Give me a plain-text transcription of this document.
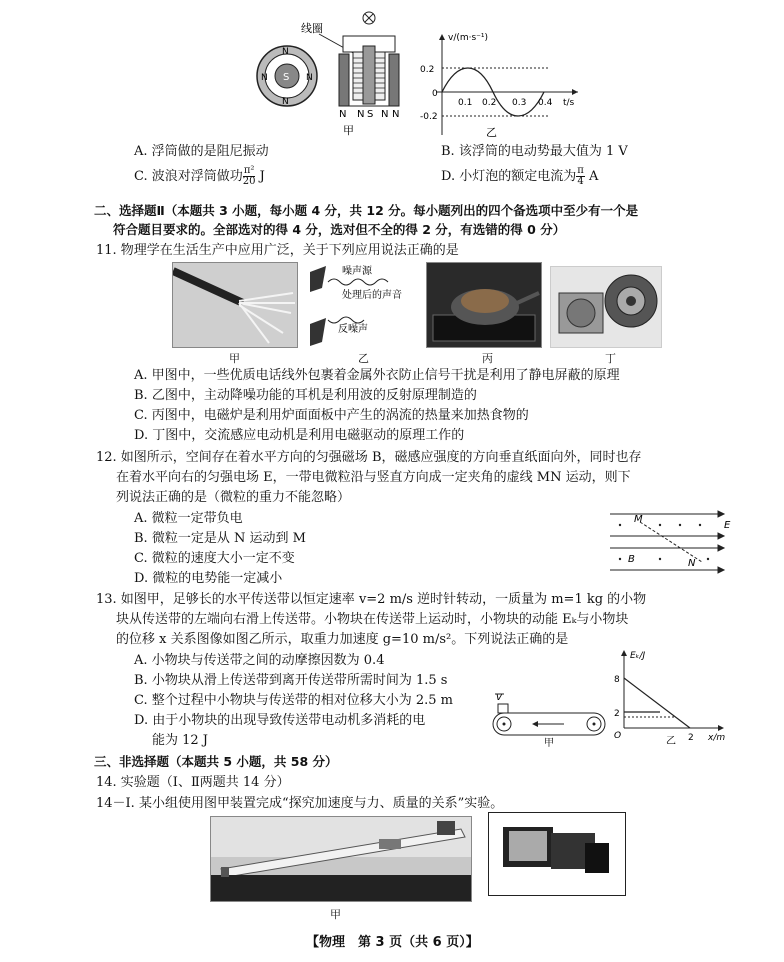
S
N
N
N	N
线圈
N N S N N
甲
v/(m·s⁻¹)
t/s
0.2
-0.2
0
0.1 0.2 0.3 0.4
乙
A. 浮筒做的是阻尼振动	B. 该浮筒的电动势最大值为 1 V
C. 波浪对浮筒做功 $\frac{\text{π²}}{20}$ J	D. 小灯泡的额定电流为 $\frac{\pi}{4}$ A
二、选择题Ⅱ（本题共 3 小题，每小题 4 分，共 12 分。每小题列出的四个备选项中至少有一个是
符合题目要求的。全部选对的得 4 分，选对但不全的得 2 分，有选错的得 0 分）
11. 物理学在生活生产中应用广泛，关于下列应用说法正确的是
甲
噪声源
处理后的声音
反噪声
乙	丙	丁
A. 甲图中，一些优质电话线外包裹着金属外衣防止信号干扰是利用了静电屏蔽的原理
B. 乙图中，主动降噪功能的耳机是利用波的反射原理制造的
C. 丙图中，电磁炉是利用炉面面板中产生的涡流的热量来加热食物的
D. 丁图中，交流感应电动机是利用电磁驱动的原理工作的
12. 如图所示，空间存在着水平方向的匀强磁场 B，磁感应强度的方向垂直纸面向外，同时也存
在着水平向右的匀强电场 E，一带电微粒沿与竖直方向成一定夹角的虚线 MN 运动，则下
列说法正确的是（微粒的重力不能忽略）
A. 微粒一定带负电
B. 微粒一定是从 N 运动到 M
C. 微粒的速度大小一定不变
D. 微粒的电势能一定减小
M
N
B
E
13. 如图甲，足够长的水平传送带以恒定速率 v=2 m/s 逆时针转动，一质量为 m=1 kg 的小物
块从传送带的左端向右滑上传送带。小物块在传送带上运动时，小物块的动能 Eₖ与小物块
的位移 x 关系图像如图乙所示，取重力加速度 g=10 m/s²。下列说法正确的是
A. 小物块与传送带之间的动摩擦因数为 0.4
B. 小物块从滑上传送带到离开传送带所需时间为 1.5 s
C. 整个过程中小物块与传送带的相对位移大小为 2.5 m
D. 由于小物块的出现导致传送带电动机多消耗的电
能为 12 J
v
甲
Eₖ/J
x/m
O
8
2
2
乙
三、非选择题（本题共 5 小题，共 58 分）
14. 实验题（Ⅰ、Ⅱ两题共 14 分）
14－Ⅰ. 某小组使用图甲装置完成“探究加速度与力、质量的关系”实验。
甲
【物理　第 3 页（共 6 页）】
